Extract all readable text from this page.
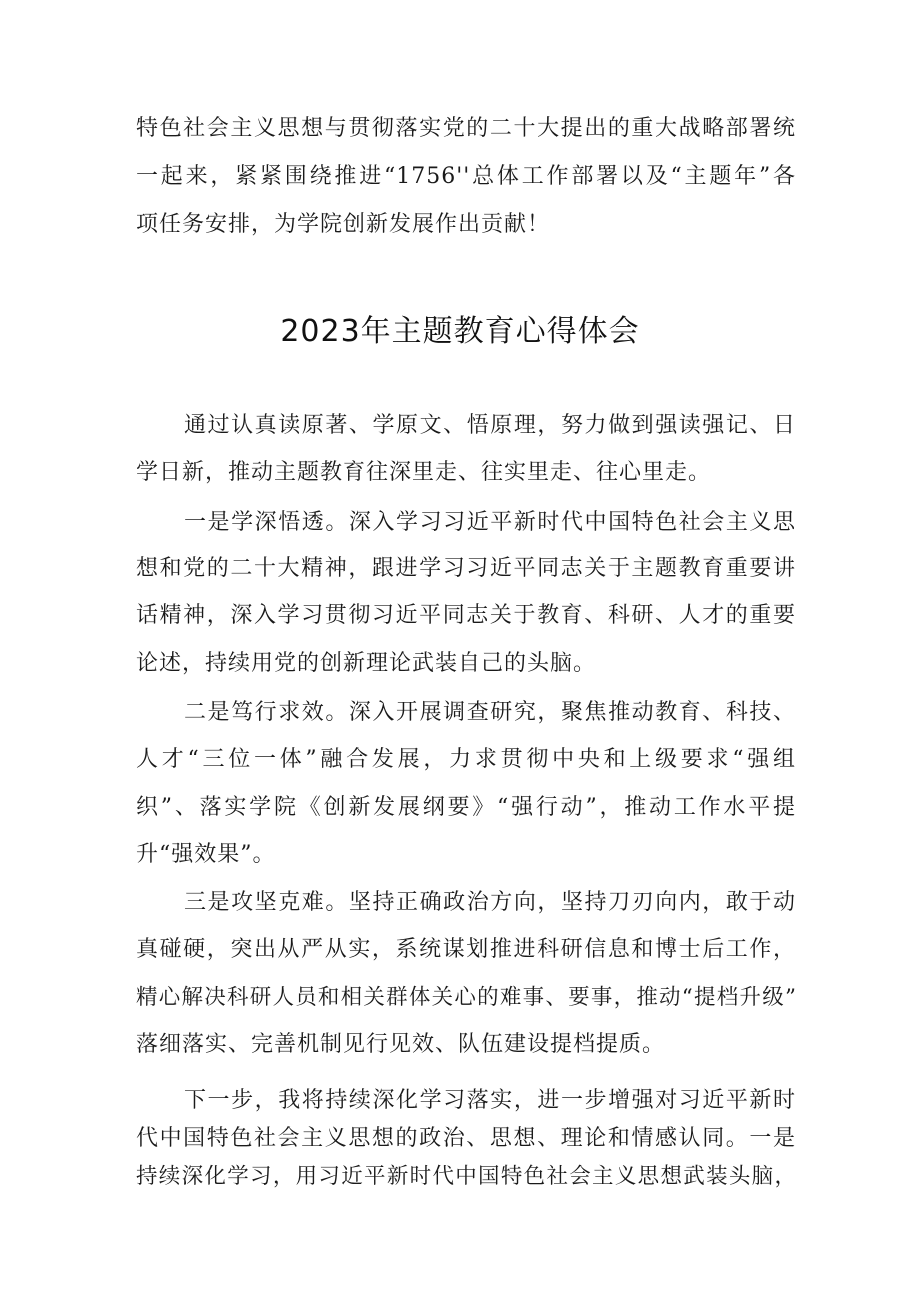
特色社会主义思想与贯彻落实党的二十大提出的重大战略部署统
一起来，紧紧围绕推进“1756''总体工作部署以及“主题年”各
项任务安排，为学院创新发展作出贡献！
2023年主题教育心得体会
通过认真读原著、学原文、悟原理，努力做到强读强记、日
学日新，推动主题教育往深里走、往实里走、往心里走。
一是学深悟透。深入学习习近平新时代中国特色社会主义思
想和党的二十大精神，跟进学习习近平同志关于主题教育重要讲
话精神，深入学习贯彻习近平同志关于教育、科研、人才的重要
论述，持续用党的创新理论武装自己的头脑。
二是笃行求效。深入开展调查研究，聚焦推动教育、科技、
人才“三位一体”融合发展，力求贯彻中央和上级要求“强组
织”、落实学院《创新发展纲要》“强行动”，推动工作水平提
升“强效果”。
三是攻坚克难。坚持正确政治方向，坚持刀刃向内，敢于动
真碰硬，突出从严从实，系统谋划推进科研信息和博士后工作，
精心解决科研人员和相关群体关心的难事、要事，推动“提档升级”
落细落实、完善机制见行见效、队伍建设提档提质。
下一步，我将持续深化学习落实，进一步增强对习近平新时
代中国特色社会主义思想的政治、思想、理论和情感认同。一是
持续深化学习，用习近平新时代中国特色社会主义思想武装头脑，
